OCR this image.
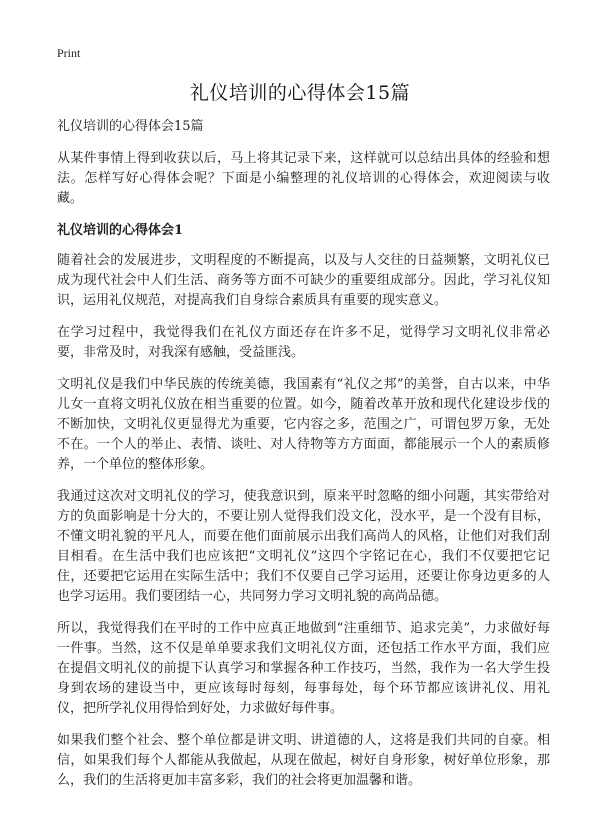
Print
礼仪培训的心得体会15篇

礼仪培训的心得体会15篇

从某件事情上得到收获以后，马上将其记录下来，这样就可以总结出具体的经验和想法。怎样写好心得体会呢？下面是小编整理的礼仪培训的心得体会，欢迎阅读与收藏。

礼仪培训的心得体会1

随着社会的发展进步，文明程度的不断提高，以及与人交往的日益频繁，文明礼仪已成为现代社会中人们生活、商务等方面不可缺少的重要组成部分。因此，学习礼仪知识，运用礼仪规范，对提高我们自身综合素质具有重要的现实意义。

在学习过程中，我觉得我们在礼仪方面还存在许多不足，觉得学习文明礼仪非常必要，非常及时，对我深有感触，受益匪浅。

文明礼仪是我们中华民族的传统美德，我国素有“礼仪之邦”的美誉，自古以来，中华儿女一直将文明礼仪放在相当重要的位置。如今，随着改革开放和现代化建设步伐的不断加快，文明礼仪更显得尤为重要，它内容之多，范围之广，可谓包罗万象，无处不在。一个人的举止、表情、谈吐、对人待物等方方面面，都能展示一个人的素质修养，一个单位的整体形象。

我通过这次对文明礼仪的学习，使我意识到，原来平时忽略的细小问题，其实带给对方的负面影响是十分大的，不要让别人觉得我们没文化，没水平，是一个没有目标，不懂文明礼貌的平凡人，而要在他们面前展示出我们高尚人的风格，让他们对我们刮目相看。在生活中我们也应该把“文明礼仪”这四个字铭记在心，我们不仅要把它记住，还要把它运用在实际生活中；我们不仅要自己学习运用，还要让你身边更多的人也学习运用。我们要团结一心，共同努力学习文明礼貌的高尚品德。

所以，我觉得我们在平时的工作中应真正地做到“注重细节、追求完美”，力求做好每一件事。当然，这不仅是单单要求我们文明礼仪方面，还包括工作水平方面，我们应在提倡文明礼仪的前提下认真学习和掌握各种工作技巧，当然，我作为一名大学生投身到农场的建设当中，更应该每时每刻，每事每处，每个环节都应该讲礼仪、用礼仪，把所学礼仪用得恰到好处，力求做好每件事。

如果我们整个社会、整个单位都是讲文明、讲道德的人，这将是我们共同的自豪。相信，如果我们每个人都能从我做起，从现在做起，树好自身形象，树好单位形象，那么，我们的生活将更加丰富多彩，我们的社会将更加温馨和谐。
